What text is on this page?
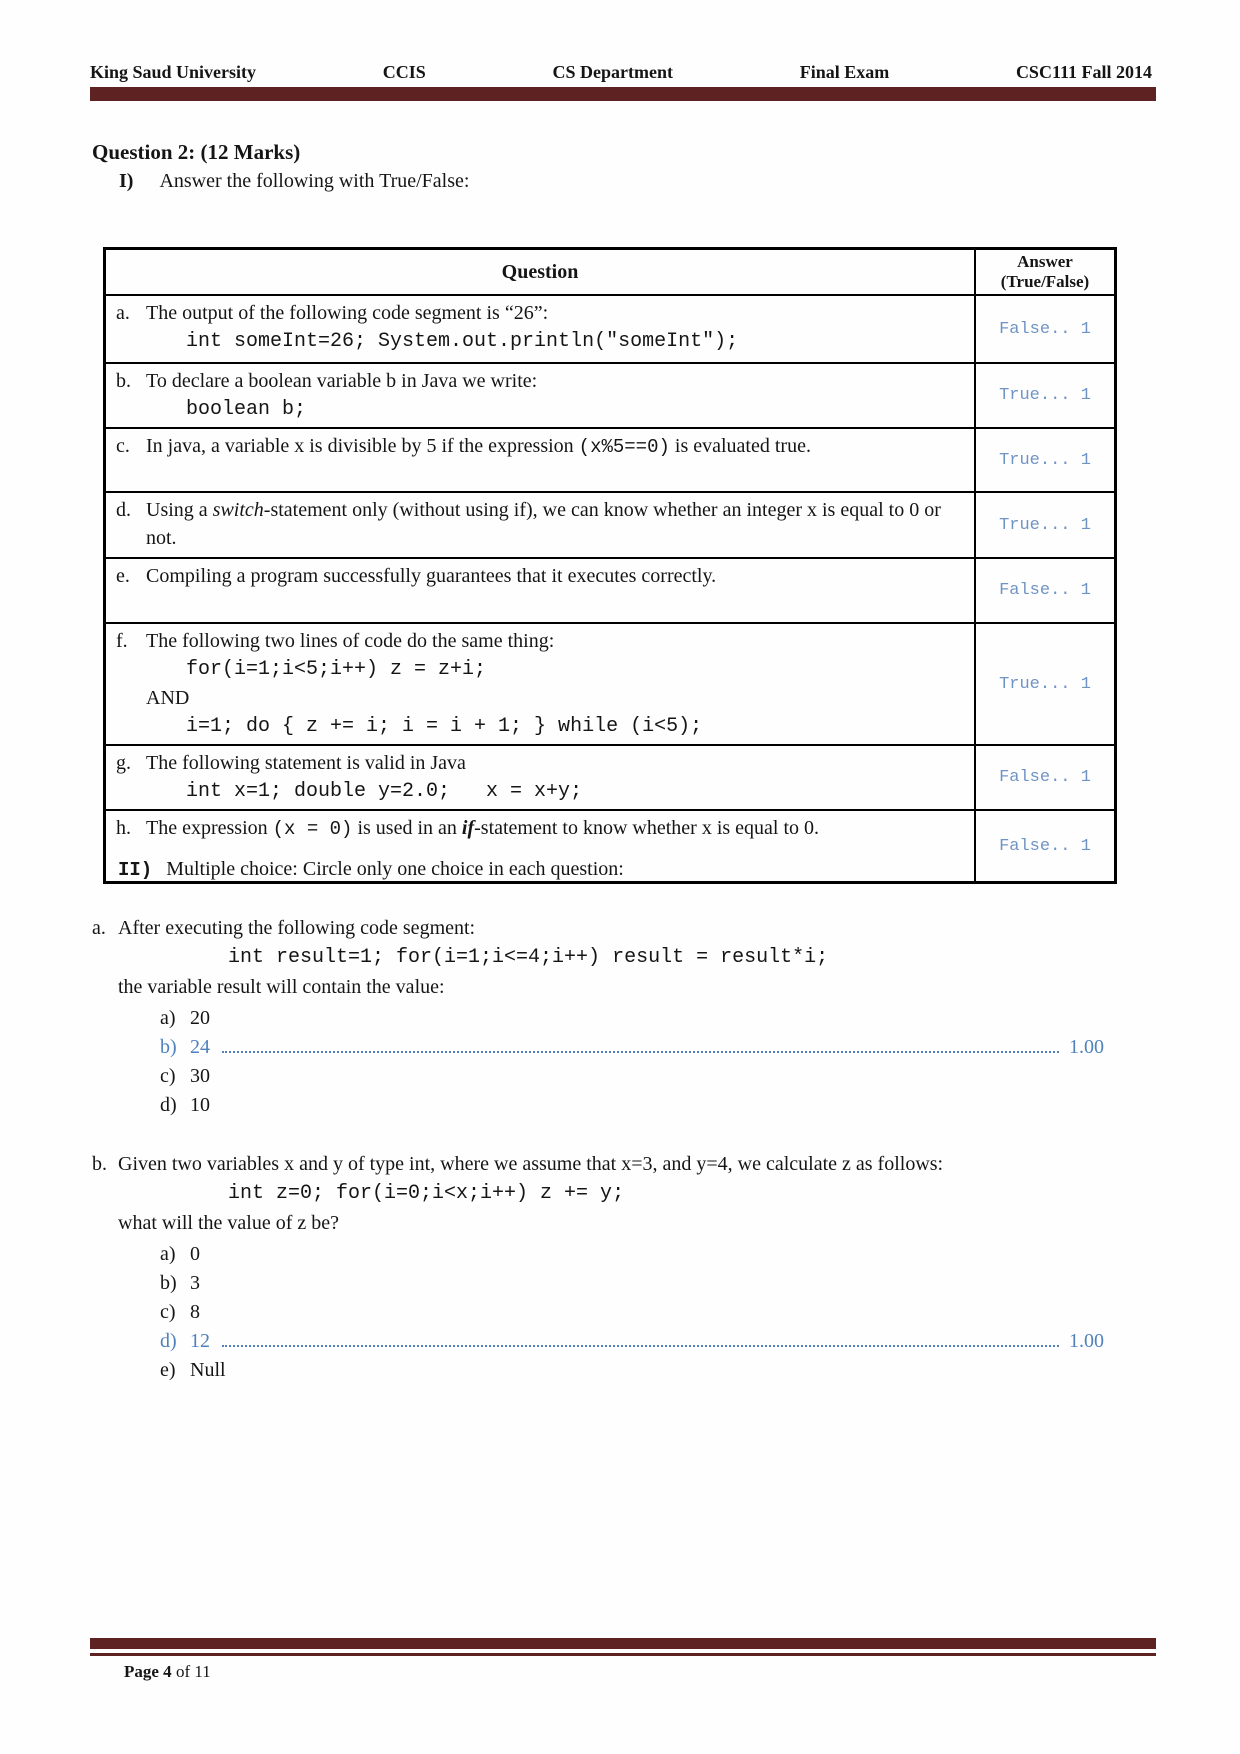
King Saud University	CCIS	CS Department	Final Exam	CSC111 Fall 2014
Question 2: (12 Marks)
I) Answer the following with True/False:
Question	Answer
(True/False)

a. The output of the following code segment is “26”:
int someInt=26; System.out.println("someInt");	False.. 1

b. To declare a boolean variable b in Java we write:
boolean b;	True... 1

c. In java, a variable x is divisible by 5 if the expression (x%5==0) is evaluated true.	True... 1

d. Using a switch-statement only (without using if), we can know whether an integer x is equal to 0 or not.	True... 1

e. Compiling a program successfully guarantees that it executes correctly.	False.. 1

f. The following two lines of code do the same thing:
for(i=1;i<5;i++) z = z+i;
AND
i=1; do { z += i; i = i + 1; } while (i<5);	True... 1

g. The following statement is valid in Java
int x=1; double y=2.0;   x = x+y;	False.. 1

h. The expression (x = 0) is used in an if-statement to know whether x is equal to 0.	False.. 1
II) Multiple choice: Circle only one choice in each question:
a. After executing the following code segment:
int result=1; for(i=1;i<=4;i++) result = result*i;
the variable result will contain the value:
a) 20
b) 24	1.00
c) 30
d) 10
b. Given two variables x and y of type int, where we assume that x=3, and y=4, we calculate z as follows:
int z=0; for(i=0;i<x;i++) z += y;
what will the value of z be?
a) 0
b) 3
c) 8
d) 12	1.00
e) Null
Page 4 of 11
